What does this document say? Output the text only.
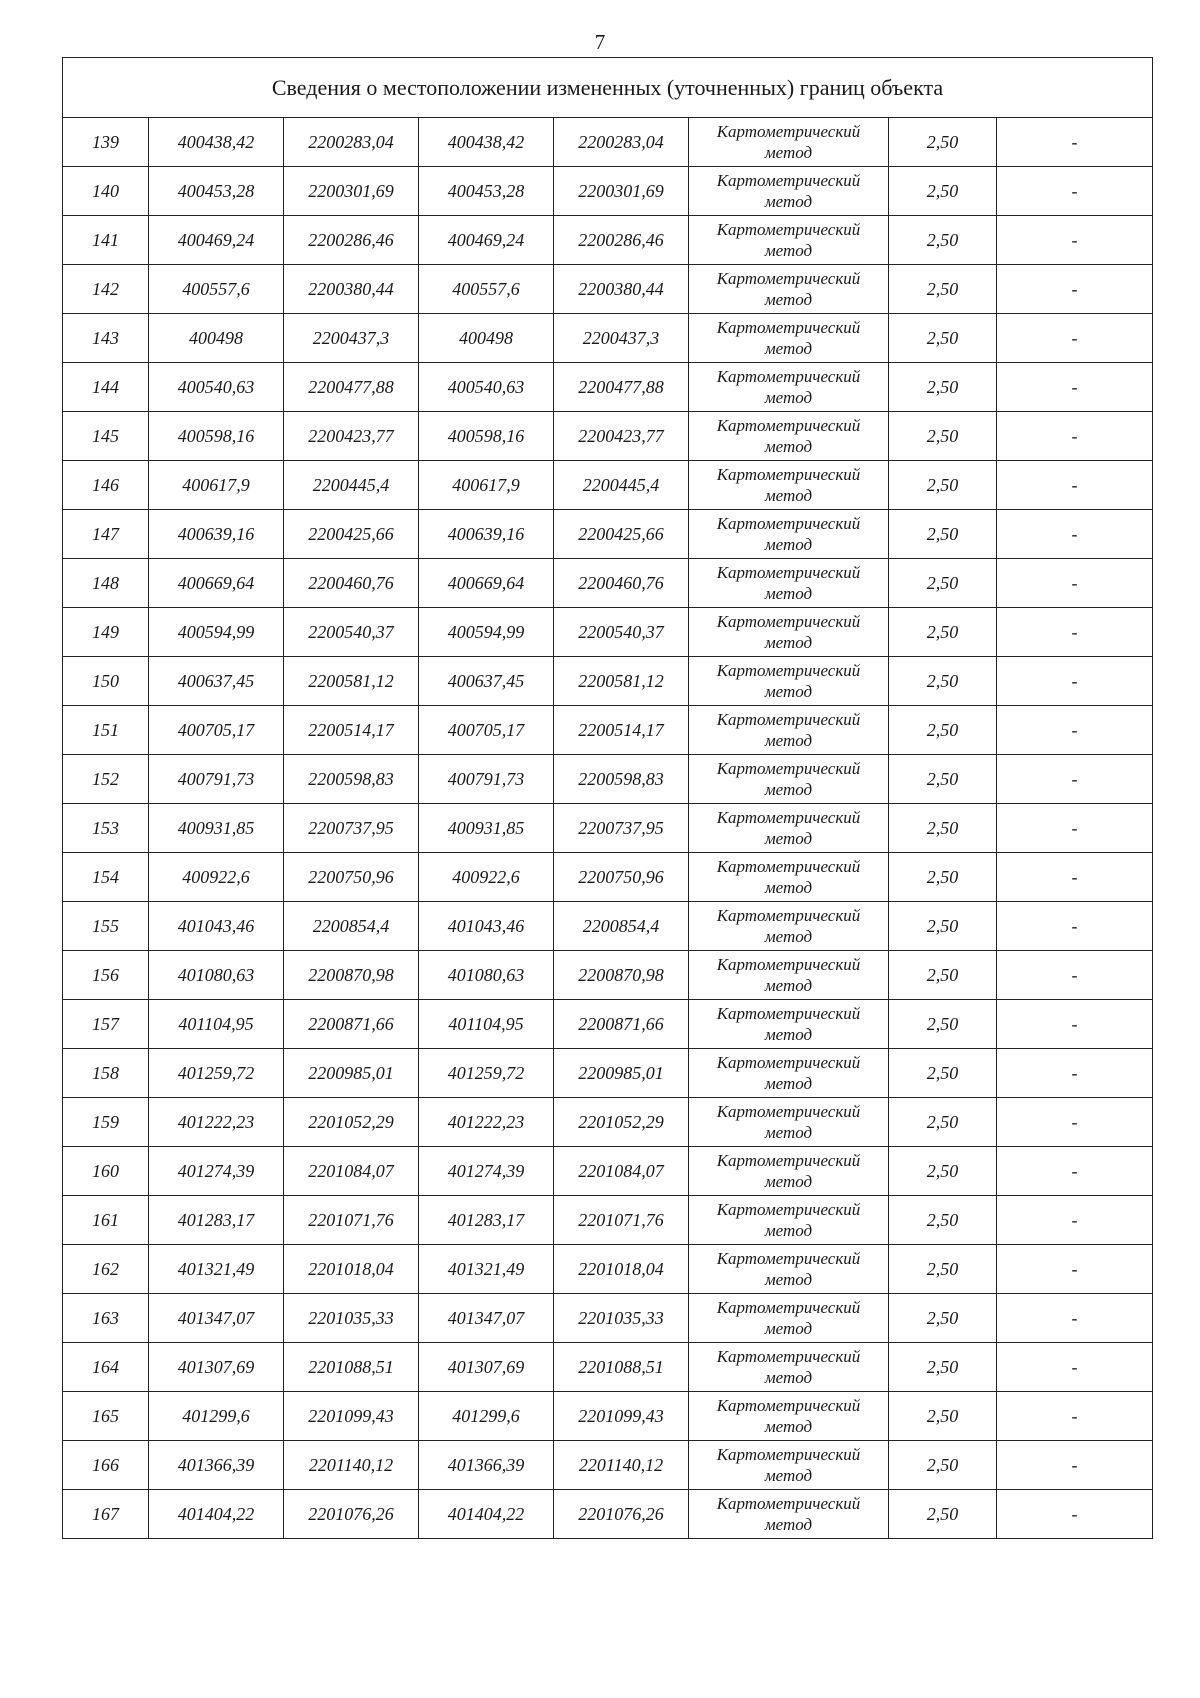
7
Сведения о местоположении измененных (уточненных) границ объекта							
139	400438,42	2200283,04	400438,42	2200283,04	Картометрический метод	2,50	-
140	400453,28	2200301,69	400453,28	2200301,69	Картометрический метод	2,50	-
141	400469,24	2200286,46	400469,24	2200286,46	Картометрический метод	2,50	-
142	400557,6	2200380,44	400557,6	2200380,44	Картометрический метод	2,50	-
143	400498	2200437,3	400498	2200437,3	Картометрический метод	2,50	-
144	400540,63	2200477,88	400540,63	2200477,88	Картометрический метод	2,50	-
145	400598,16	2200423,77	400598,16	2200423,77	Картометрический метод	2,50	-
146	400617,9	2200445,4	400617,9	2200445,4	Картометрический метод	2,50	-
147	400639,16	2200425,66	400639,16	2200425,66	Картометрический метод	2,50	-
148	400669,64	2200460,76	400669,64	2200460,76	Картометрический метод	2,50	-
149	400594,99	2200540,37	400594,99	2200540,37	Картометрический метод	2,50	-
150	400637,45	2200581,12	400637,45	2200581,12	Картометрический метод	2,50	-
151	400705,17	2200514,17	400705,17	2200514,17	Картометрический метод	2,50	-
152	400791,73	2200598,83	400791,73	2200598,83	Картометрический метод	2,50	-
153	400931,85	2200737,95	400931,85	2200737,95	Картометрический метод	2,50	-
154	400922,6	2200750,96	400922,6	2200750,96	Картометрический метод	2,50	-
155	401043,46	2200854,4	401043,46	2200854,4	Картометрический метод	2,50	-
156	401080,63	2200870,98	401080,63	2200870,98	Картометрический метод	2,50	-
157	401104,95	2200871,66	401104,95	2200871,66	Картометрический метод	2,50	-
158	401259,72	2200985,01	401259,72	2200985,01	Картометрический метод	2,50	-
159	401222,23	2201052,29	401222,23	2201052,29	Картометрический метод	2,50	-
160	401274,39	2201084,07	401274,39	2201084,07	Картометрический метод	2,50	-
161	401283,17	2201071,76	401283,17	2201071,76	Картометрический метод	2,50	-
162	401321,49	2201018,04	401321,49	2201018,04	Картометрический метод	2,50	-
163	401347,07	2201035,33	401347,07	2201035,33	Картометрический метод	2,50	-
164	401307,69	2201088,51	401307,69	2201088,51	Картометрический метод	2,50	-
165	401299,6	2201099,43	401299,6	2201099,43	Картометрический метод	2,50	-
166	401366,39	2201140,12	401366,39	2201140,12	Картометрический метод	2,50	-
167	401404,22	2201076,26	401404,22	2201076,26	Картометрический метод	2,50	-
